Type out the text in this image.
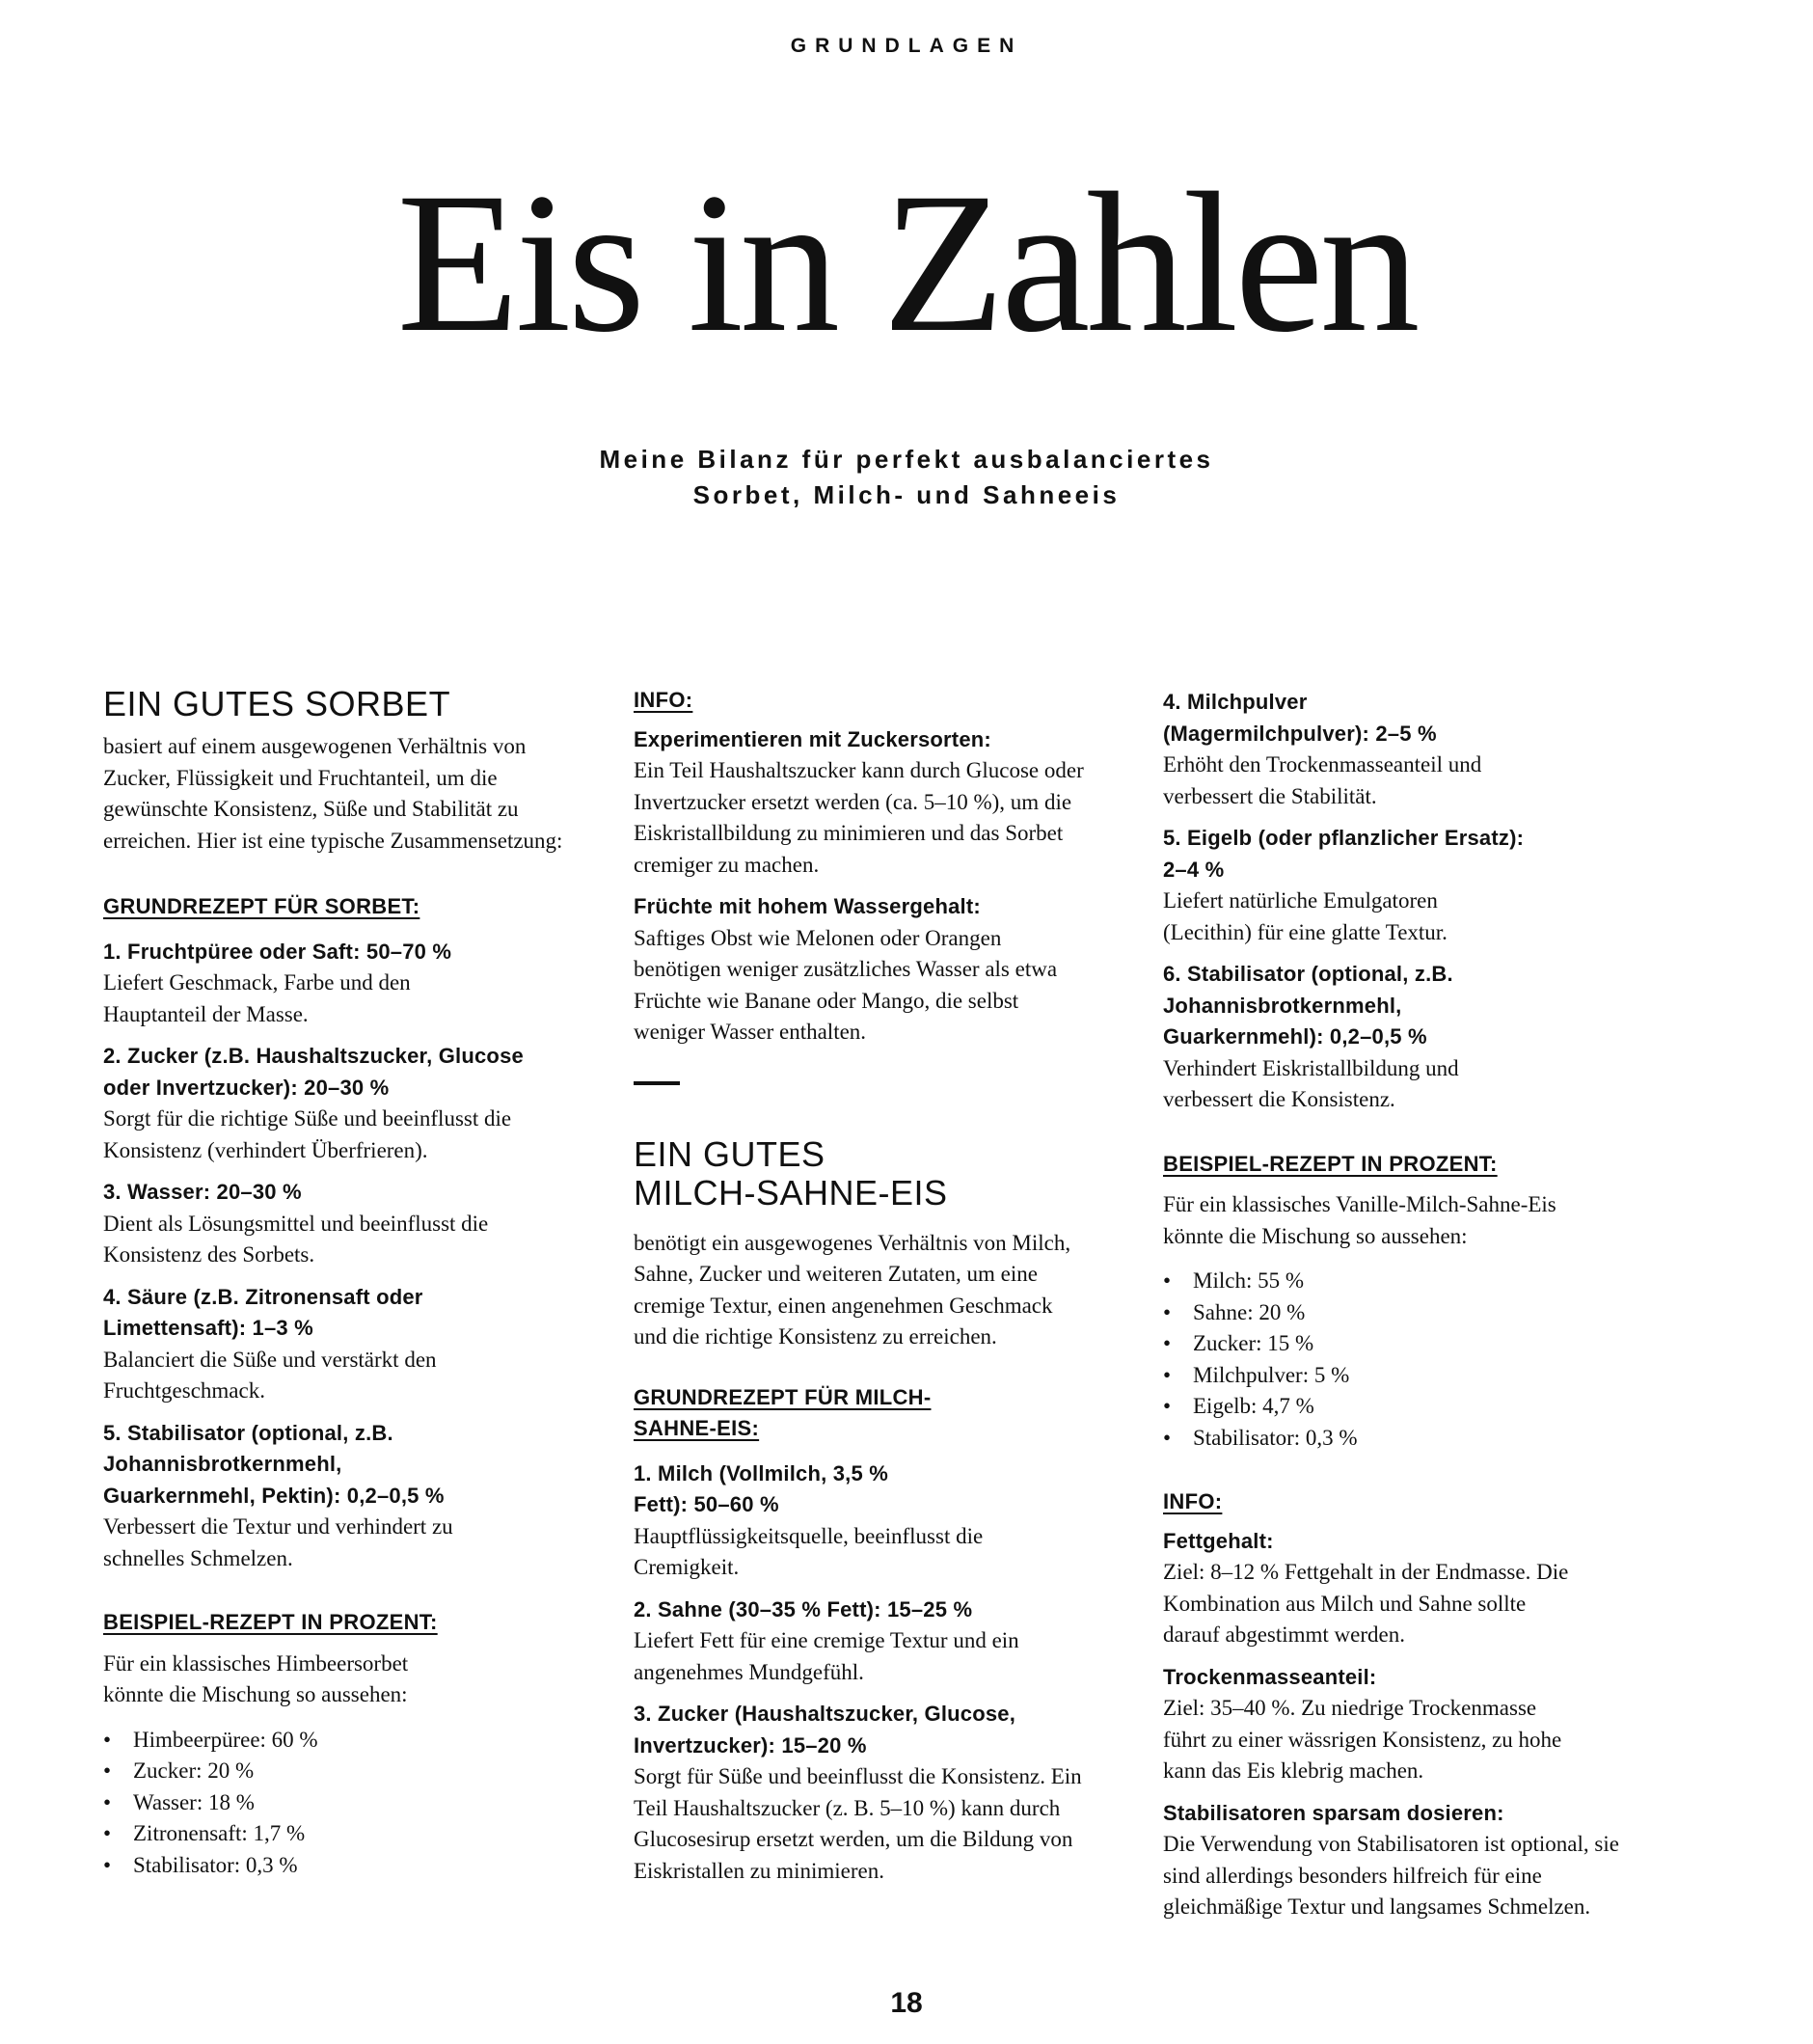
GRUNDLAGEN
Eis in Zahlen
Meine Bilanz für perfekt ausbalanciertes
Sorbet, Milch- und Sahneeis
EIN GUTES SORBET

basiert auf einem ausgewogenen Verhältnis von Zucker, Flüssigkeit und Fruchtanteil, um die gewünschte Konsistenz, Süße und Stabilität zu erreichen. Hier ist eine typische Zusammensetzung:

GRUNDREZEPT FÜR SORBET:
1. Fruchtpüree oder Saft: 50–70 %

Liefert Geschmack, Farbe und den Hauptanteil der Masse.

2. Zucker (z.B. Haushaltszucker, Glucose oder Invertzucker): 20–30 %

Sorgt für die richtige Süße und beeinflusst die Konsistenz (verhindert Überfrieren).

3. Wasser: 20–30 %

Dient als Lösungsmittel und beeinflusst die Konsistenz des Sorbets.

4. Säure (z.B. Zitronensaft oder Limettensaft): 1–3 %

Balanciert die Süße und verstärkt den Fruchtgeschmack.

5. Stabilisator (optional, z.B. Johannisbrotkernmehl, Guarkernmehl, Pektin): 0,2–0,5 %

Verbessert die Textur und verhindert zu schnelles Schmelzen.

BEISPIEL-REZEPT IN PROZENT:

Für ein klassisches Himbeersorbet könnte die Mischung so aussehen:

• Himbeerpüree: 60 %
• Zucker: 20 %
• Wasser: 18 %
• Zitronensaft: 1,7 %
• Stabilisator: 0,3 %
INFO:
Experimentieren mit Zuckersorten:

Ein Teil Haushaltszucker kann durch Glucose oder Invertzucker ersetzt werden (ca. 5–10 %), um die Eiskristallbildung zu minimieren und das Sorbet cremiger zu machen.

Früchte mit hohem Wassergehalt:

Saftiges Obst wie Melonen oder Orangen benötigen weniger zusätzliches Wasser als etwa Früchte wie Banane oder Mango, die selbst weniger Wasser enthalten.

EIN GUTES
MILCH-SAHNE-EIS

benötigt ein ausgewogenes Verhältnis von Milch, Sahne, Zucker und weiteren Zutaten, um eine cremige Textur, einen angenehmen Geschmack und die richtige Konsistenz zu erreichen.

GRUNDREZEPT FÜR MILCH-SAHNE-EIS:
1. Milch (Vollmilch, 3,5 % Fett): 50–60 %

Hauptflüssigkeitsquelle, beeinflusst die Cremigkeit.

2. Sahne (30–35 % Fett): 15–25 %

Liefert Fett für eine cremige Textur und ein angenehmes Mundgefühl.

3. Zucker (Haushaltszucker, Glucose, Invertzucker): 15–20 %

Sorgt für Süße und beeinflusst die Konsistenz. Ein Teil Haushaltszucker (z. B. 5–10 %) kann durch Glucosesirup ersetzt werden, um die Bildung von Eiskristallen zu minimieren.

4. Milchpulver (Magermilchpulver): 2–5 %

Erhöht den Trockenmasseanteil und verbessert die Stabilität.

5. Eigelb (oder pflanzlicher Ersatz): 2–4 %

Liefert natürliche Emulgatoren (Lecithin) für eine glatte Textur.

6. Stabilisator (optional, z.B. Johannisbrotkernmehl, Guarkernmehl): 0,2–0,5 %

Verhindert Eiskristallbildung und verbessert die Konsistenz.

BEISPIEL-REZEPT IN PROZENT:

Für ein klassisches Vanille-Milch-Sahne-Eis könnte die Mischung so aussehen:

• Milch: 55 %
• Sahne: 20 %
• Zucker: 15 %
• Milchpulver: 5 %
• Eigelb: 4,7 %
• Stabilisator: 0,3 %
INFO:
Fettgehalt:

Ziel: 8–12 % Fettgehalt in der Endmasse. Die Kombination aus Milch und Sahne sollte darauf abgestimmt werden.

Trockenmasseanteil:

Ziel: 35–40 %. Zu niedrige Trockenmasse führt zu einer wässrigen Konsistenz, zu hohe kann das Eis klebrig machen.

Stabilisatoren sparsam dosieren:

Die Verwendung von Stabilisatoren ist optional, sie sind allerdings besonders hilfreich für eine gleichmäßige Textur und langsames Schmelzen.

18
